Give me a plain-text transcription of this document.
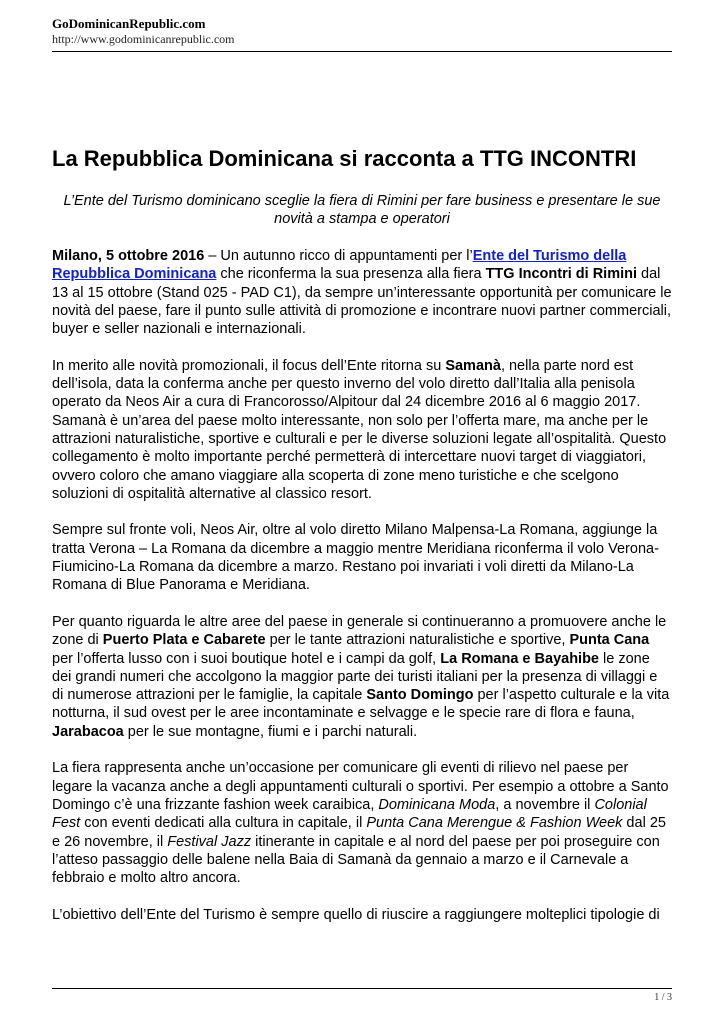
GoDominicanRepublic.com
http://www.godominicanrepublic.com
La Repubblica Dominicana si racconta a TTG INCONTRI

L’Ente del Turismo dominicano sceglie la fiera di Rimini per fare business e presentare le sue novità a stampa e operatori

Milano, 5 ottobre 2016 – Un autunno ricco di appuntamenti per l’Ente del Turismo della Repubblica Dominicana che riconferma la sua presenza alla fiera TTG Incontri di Rimini dal 13 al 15 ottobre (Stand 025 - PAD C1), da sempre un’interessante opportunità per comunicare le novità del paese, fare il punto sulle attività di promozione e incontrare nuovi partner commerciali, buyer e seller nazionali e internazionali.

In merito alle novità promozionali, il focus dell’Ente ritorna su Samanà, nella parte nord est dell’isola, data la conferma anche per questo inverno del volo diretto dall’Italia alla penisola operato da Neos Air a cura di Francorosso/Alpitour dal 24 dicembre 2016 al 6 maggio 2017. Samanà è un’area del paese molto interessante, non solo per l’offerta mare, ma anche per le attrazioni naturalistiche, sportive e culturali e per le diverse soluzioni legate all’ospitalità. Questo collegamento è molto importante perché permetterà di intercettare nuovi target di viaggiatori, ovvero coloro che amano viaggiare alla scoperta di zone meno turistiche e che scelgono soluzioni di ospitalità alternative al classico resort.

Sempre sul fronte voli, Neos Air, oltre al volo diretto Milano Malpensa-La Romana, aggiunge la tratta Verona – La Romana da dicembre a maggio mentre Meridiana riconferma il volo Verona-Fiumicino-La Romana da dicembre a marzo. Restano poi invariati i voli diretti da Milano-La Romana di Blue Panorama e Meridiana.

Per quanto riguarda le altre aree del paese in generale si continueranno a promuovere anche le zone di Puerto Plata e Cabarete per le tante attrazioni naturalistiche e sportive, Punta Cana per l’offerta lusso con i suoi boutique hotel e i campi da golf, La Romana e Bayahibe le zone dei grandi numeri che accolgono la maggior parte dei turisti italiani per la presenza di villaggi e di numerose attrazioni per le famiglie, la capitale Santo Domingo per l’aspetto culturale e la vita notturna, il sud ovest per le aree incontaminate e selvagge e le specie rare di flora e fauna, Jarabacoa per le sue montagne, fiumi e i parchi naturali.

La fiera rappresenta anche un’occasione per comunicare gli eventi di rilievo nel paese per legare la vacanza anche a degli appuntamenti culturali o sportivi. Per esempio a ottobre a Santo Domingo c’è una frizzante fashion week caraibica, Dominicana Moda, a novembre il Colonial Fest con eventi dedicati alla cultura in capitale, il Punta Cana Merengue & Fashion Week dal 25 e 26 novembre, il Festival Jazz itinerante in capitale e al nord del paese per poi proseguire con l’atteso passaggio delle balene nella Baia di Samanà da gennaio a marzo e il Carnevale a febbraio e molto altro ancora.

L’obiettivo dell’Ente del Turismo è sempre quello di riuscire a raggiungere molteplici tipologie di

1 / 3
